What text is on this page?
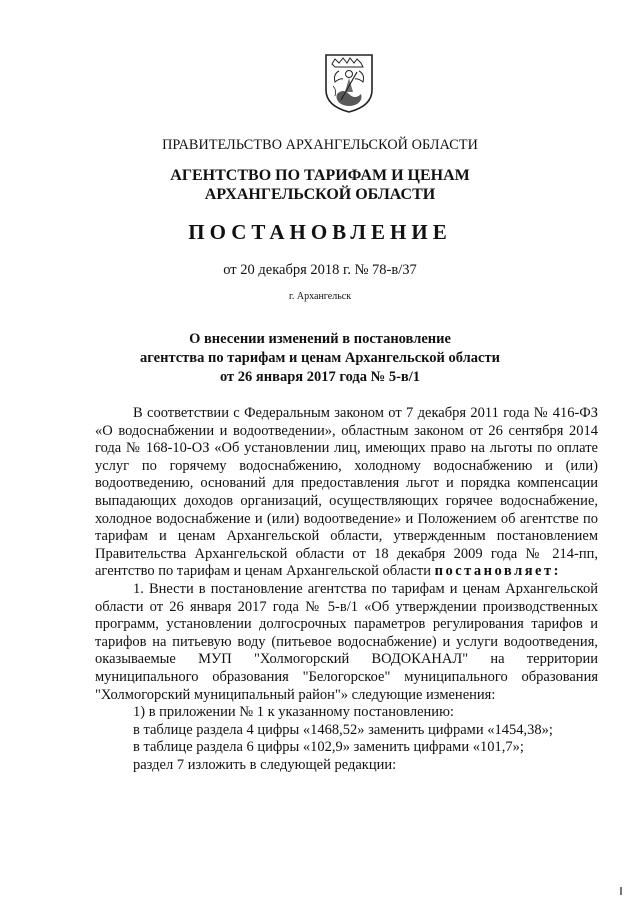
ПРАВИТЕЛЬСТВО АРХАНГЕЛЬСКОЙ ОБЛАСТИ
АГЕНТСТВО ПО ТАРИФАМ И ЦЕНАМ
АРХАНГЕЛЬСКОЙ ОБЛАСТИ
ПОСТАНОВЛЕНИЕ
от 20 декабря 2018 г. № 78-в/37
г. Архангельск
О внесении изменений в постановление
агентства по тарифам и ценам Архангельской области
от 26 января 2017 года № 5-в/1

В соответствии с Федеральным законом от 7 декабря 2011 года № 416-ФЗ «О водоснабжении и водоотведении», областным законом от 26 сентября 2014 года № 168-10-ОЗ «Об установлении лиц, имеющих право на льготы по оплате услуг по горячему водоснабжению, холодному водоснабжению и (или) водоотведению, оснований для предоставления льгот и порядка компенсации выпадающих доходов организаций, осуществляющих горячее водоснабжение, холодное водоснабжение и (или) водоотведение» и Положением об агентстве по тарифам и ценам Архангельской области, утвержденным постановлением Правительства Архангельской области от 18 декабря 2009 года № 214-пп, агентство по тарифам и ценам Архангельской области постановляет:

1. Внести в постановление агентства по тарифам и ценам Архангельской области от 26 января 2017 года № 5-в/1 «Об утверждении производственных программ, установлении долгосрочных параметров регулирования тарифов и тарифов на питьевую воду (питьевое водоснабжение) и услуги водоотведения, оказываемые МУП "Холмогорский ВОДОКАНАЛ" на территории муниципального образования "Белогорское" муниципального образования "Холмогорский муниципальный район"» следующие изменения:

1) в приложении № 1 к указанному постановлению:

в таблице раздела 4 цифры «1468,52» заменить цифрами «1454,38»;

в таблице раздела 6 цифры «102,9» заменить цифрами «101,7»;

раздел 7 изложить в следующей редакции:
